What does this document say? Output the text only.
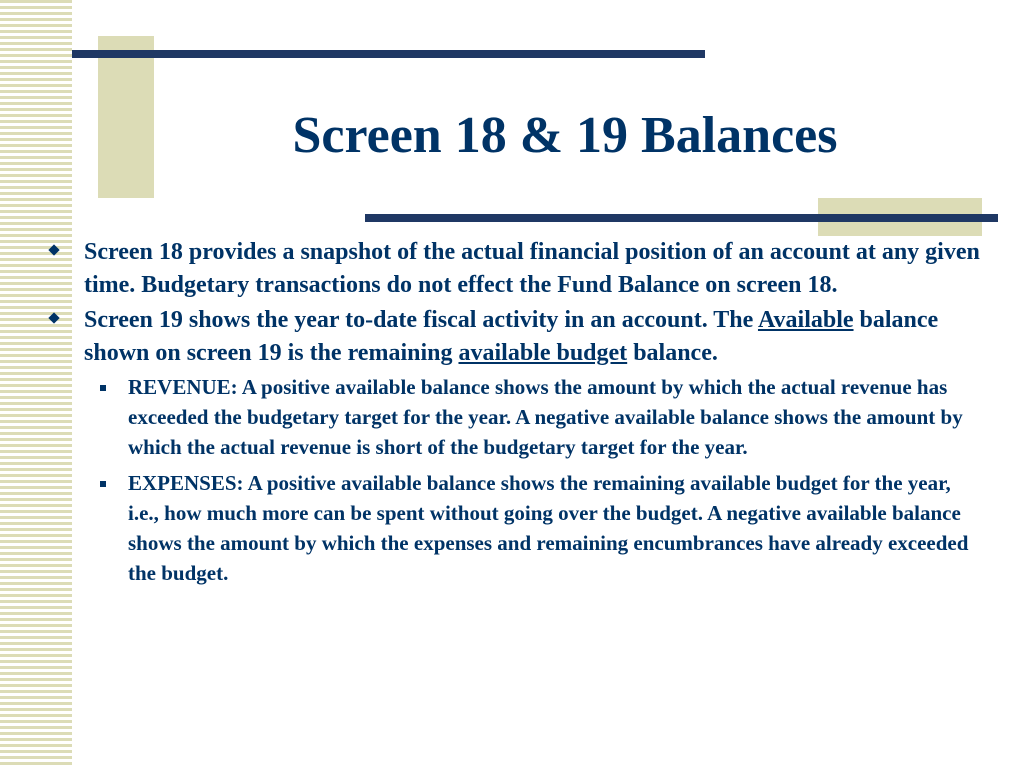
Screen 18 & 19 Balances
Screen 18 provides a snapshot of the actual financial position of an account at any given time. Budgetary transactions do not effect the Fund Balance on screen 18.
Screen 19 shows the year to-date fiscal activity in an account. The Available balance shown on screen 19 is the remaining available budget balance.
REVENUE: A positive available balance shows the amount by which the actual revenue has exceeded the budgetary target for the year. A negative available balance shows the amount by which the actual revenue is short of the budgetary target for the year.
EXPENSES: A positive available balance shows the remaining available budget for the year, i.e., how much more can be spent without going over the budget. A negative available balance shows the amount by which the expenses and remaining encumbrances have already exceeded the budget.
